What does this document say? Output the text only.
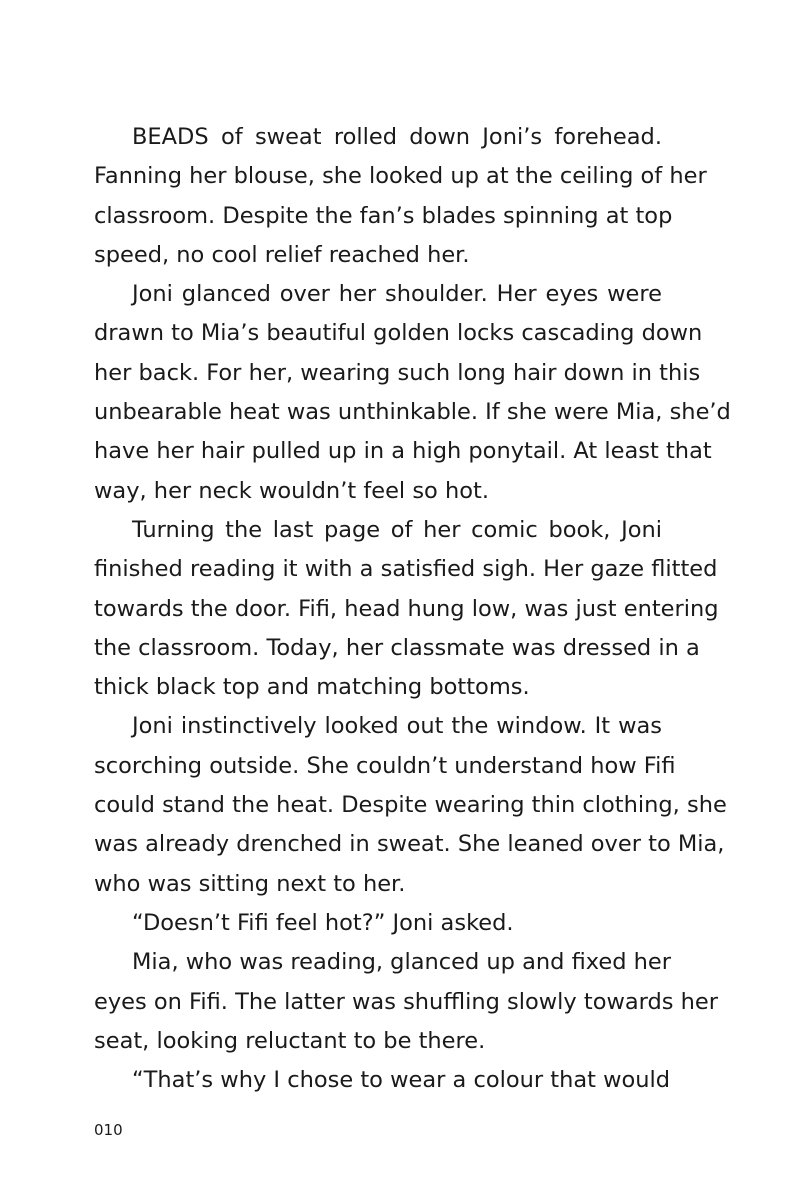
BEADS of sweat rolled down Joni’s forehead.
Fanning her blouse, she looked up at the ceiling of her
classroom. Despite the fan’s blades spinning at top
speed, no cool relief reached her.
Joni glanced over her shoulder. Her eyes were
drawn to Mia’s beautiful golden locks cascading down
her back. For her, wearing such long hair down in this
unbearable heat was unthinkable. If she were Mia, she’d
have her hair pulled up in a high ponytail. At least that
way, her neck wouldn’t feel so hot.
Turning the last page of her comic book, Joni
finished reading it with a satisfied sigh. Her gaze flitted
towards the door. Fifi, head hung low, was just entering
the classroom. Today, her classmate was dressed in a
thick black top and matching bottoms.
Joni instinctively looked out the window. It was
scorching outside. She couldn’t understand how Fifi
could stand the heat. Despite wearing thin clothing, she
was already drenched in sweat. She leaned over to Mia,
who was sitting next to her.
“Doesn’t Fifi feel hot?” Joni asked.
Mia, who was reading, glanced up and fixed her
eyes on Fifi. The latter was shuffling slowly towards her
seat, looking reluctant to be there.
“That’s why I chose to wear a colour that would
010
